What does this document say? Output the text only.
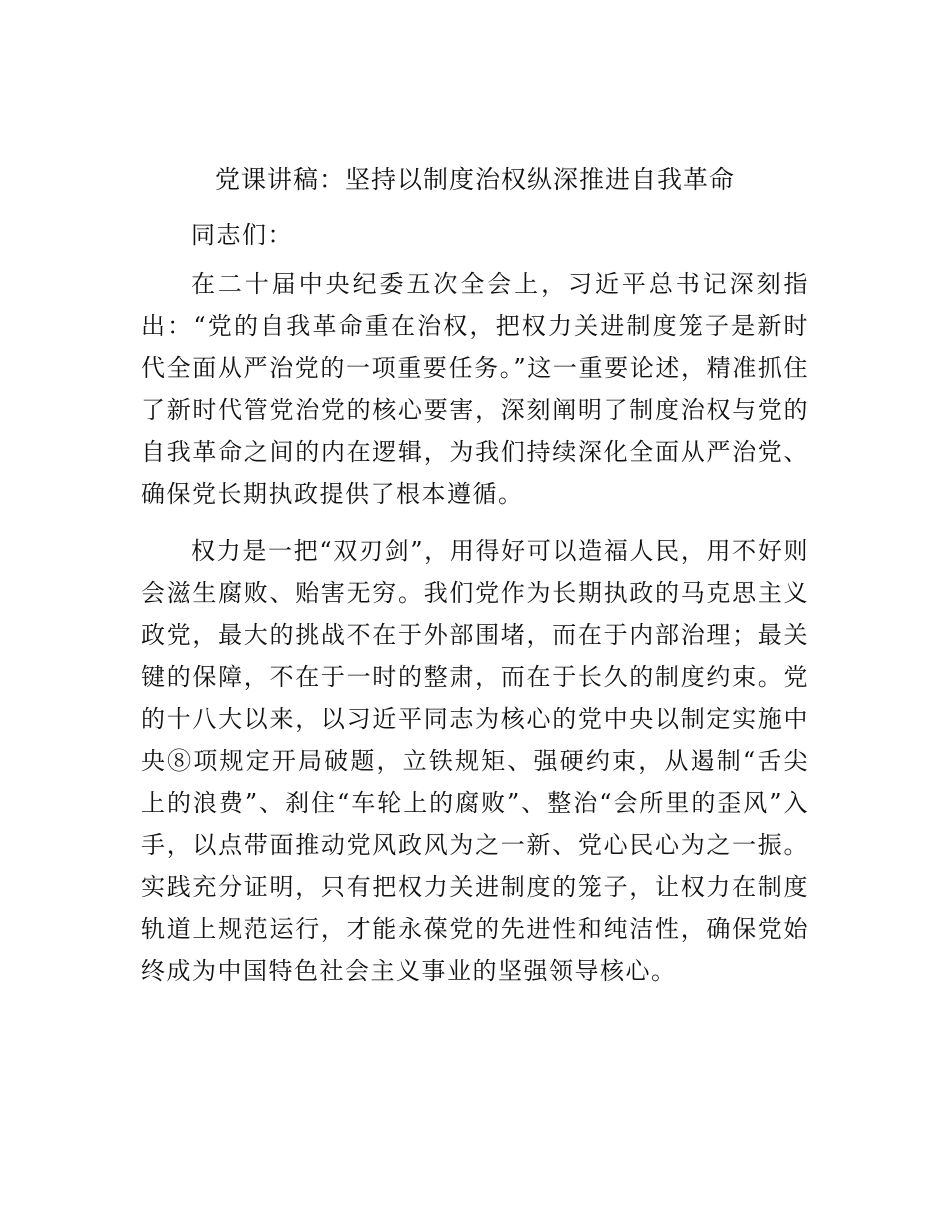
党课讲稿：坚持以制度治权纵深推进自我革命

同志们：

在二十届中央纪委五次全会上，习近平总书记深刻指出：“党的自我革命重在治权，把权力关进制度笼子是新时代全面从严治党的一项重要任务。”这一重要论述，精准抓住了新时代管党治党的核心要害，深刻阐明了制度治权与党的自我革命之间的内在逻辑，为我们持续深化全面从严治党、确保党长期执政提供了根本遵循。

权力是一把“双刃剑”，用得好可以造福人民，用不好则会滋生腐败、贻害无穷。我们党作为长期执政的马克思主义政党，最大的挑战不在于外部围堵，而在于内部治理；最关键的保障，不在于一时的整肃，而在于长久的制度约束。党的十八大以来，以习近平同志为核心的党中央以制定实施中央⑧项规定开局破题，立铁规矩、强硬约束，从遏制“舌尖上的浪费”、刹住“车轮上的腐败”、整治“会所里的歪风”入手，以点带面推动党风政风为之一新、党心民心为之一振。实践充分证明，只有把权力关进制度的笼子，让权力在制度轨道上规范运行，才能永葆党的先进性和纯洁性，确保党始终成为中国特色社会主义事业的坚强领导核心。
